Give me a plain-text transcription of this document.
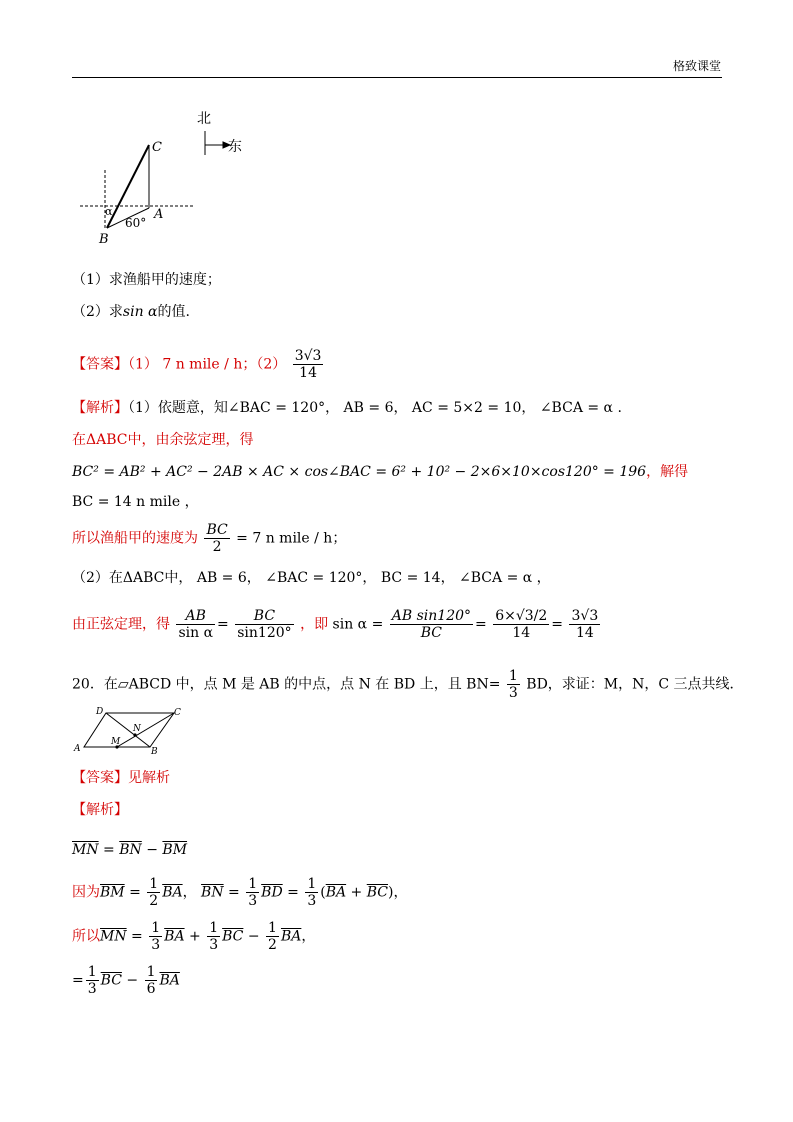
格致课堂
北
东
C
A
B
α
60°
（1）求渔船甲的速度；
（2）求sin α的值.
【答案】（1） 7 n mile / h；$(2) \frac{3√3}{14}$
【解析】（1）依题意，知∠BAC = 120°， AB = 6， AC = 5×2 = 10， ∠BCA = α .
在ΔABC中，由余弦定理，得
BC² = AB² + AC² − 2AB × AC × cos∠BAC = 6² + 10² − 2×6×10×cos120° = 196，解得
BC = 14 n mile ，
所以渔船甲的速度为 $\frac{BC}{2} = 7$ n mile / h；
（2）在ΔABC中， AB = 6， ∠BAC = 120°， BC = 14， ∠BCA = α ，
由正弦定理，得 $\frac{AB}{\text{sin α}} = \frac{BC}{\sin 120^\circ}$ ，即 $\sin \alpha = \frac{\text{AB sin120°}}{BC} = \frac{6\times√3/2}{14} = \frac{3√3}{14}$
20．在▱ABCD 中，点 M 是 AB 的中点，点 N 在 BD 上，且 $BN= \frac{1}{3}$ BD，求证：M，N，C 三点共线．
D	C
A	B
M
N
【答案】见解析
【解析】
$\overline{MN} = \overline{BN} - \overline{BM}$
因为$\overline{BM} = \frac{1}{2} \overline{BA}$， $\overline{BN} = \frac{1}{3} \overline{BD} = \frac{1}{3} (\overline{BA} + \overline{BC})$，
所以$\overline{MN} = \frac{1}{3} \overline{BA} + \frac{1}{3} \overline{BC} - \frac{1}{2} \overline{BA}$，
= $\frac{1}{3} \overline{BC} - \frac{1}{6} \overline{BA}$
